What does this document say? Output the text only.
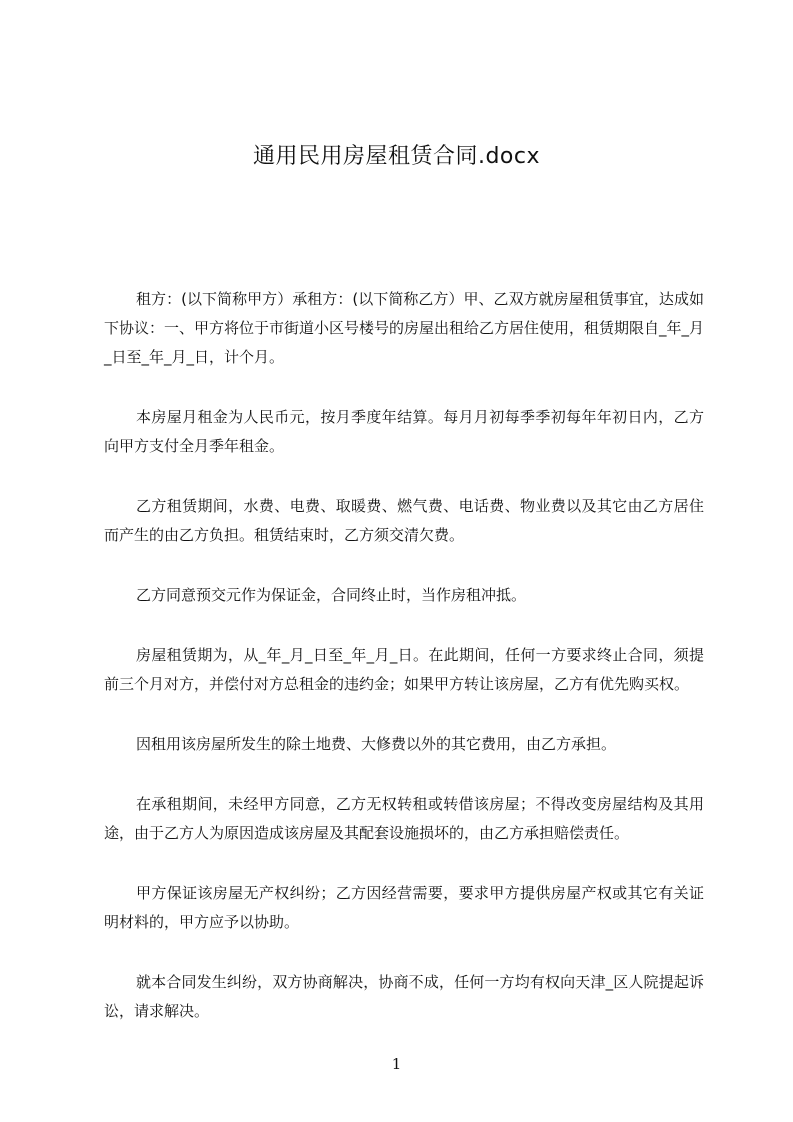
通用民用房屋租赁合同.docx

租方：(以下简称甲方）承租方：(以下简称乙方）甲、乙双方就房屋租赁事宜，达成如下协议：一、甲方将位于市街道小区号楼号的房屋出租给乙方居住使用，租赁期限自_年_月_日至_年_月_日，计个月。

本房屋月租金为人民币元，按月季度年结算。每月月初每季季初每年年初日内，乙方向甲方支付全月季年租金。

乙方租赁期间，水费、电费、取暖费、燃气费、电话费、物业费以及其它由乙方居住而产生的由乙方负担。租赁结束时，乙方须交清欠费。

乙方同意预交元作为保证金，合同终止时，当作房租冲抵。

房屋租赁期为，从_年_月_日至_年_月_日。在此期间，任何一方要求终止合同，须提前三个月对方，并偿付对方总租金的违约金；如果甲方转让该房屋，乙方有优先购买权。

因租用该房屋所发生的除土地费、大修费以外的其它费用，由乙方承担。

在承租期间，未经甲方同意，乙方无权转租或转借该房屋；不得改变房屋结构及其用途，由于乙方人为原因造成该房屋及其配套设施损坏的，由乙方承担赔偿责任。

甲方保证该房屋无产权纠纷；乙方因经营需要，要求甲方提供房屋产权或其它有关证明材料的，甲方应予以协助。

就本合同发生纠纷，双方协商解决，协商不成，任何一方均有权向天津_区人院提起诉讼，请求解决。

1
